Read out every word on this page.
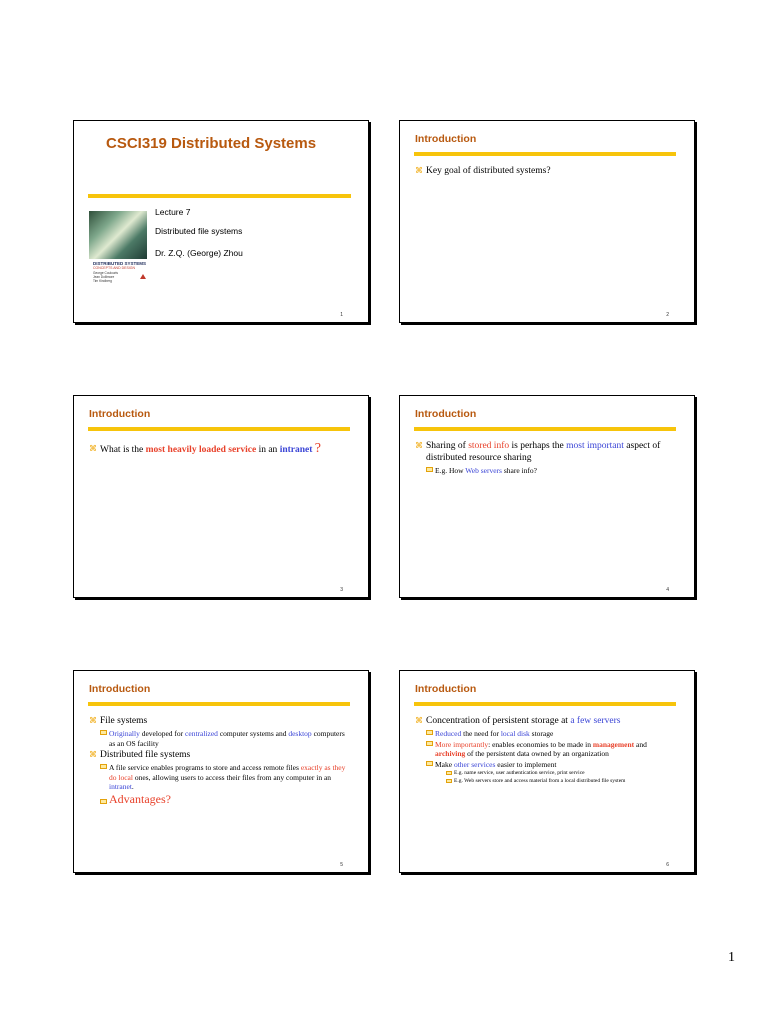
CSCI319 Distributed Systems
DISTRIBUTED SYSTEMS
CONCEPTS AND DESIGN
George Coulouris
Jean Dollimore
Tim Kindberg
Lecture 7
Distributed file systems
Dr. Z.Q. (George) Zhou
1
Introduction
⌘ Key goal of distributed systems?
2
Introduction
⌘ What is the most heavily loaded service in an intranet ?
3
Introduction
⌘ Sharing of stored info is perhaps the most important aspect of distributed resource sharing
E.g. How Web servers share info?
4
Introduction
⌘ File systems
Originally developed for centralized computer systems and desktop computers as an OS facility
⌘ Distributed file systems
A file service enables programs to store and access remote files exactly as they do local ones, allowing users to access their files from any computer in an intranet.
Advantages?
5
Introduction
⌘ Concentration of persistent storage at a few servers
Reduced the need for local disk storage
More importantly: enables economies to be made in management and archiving of the persistent data owned by an organization
Make other services easier to implement
E.g. name service, user authentication service, print service
E.g. Web servers store and access material from a local distributed file system
6
1
